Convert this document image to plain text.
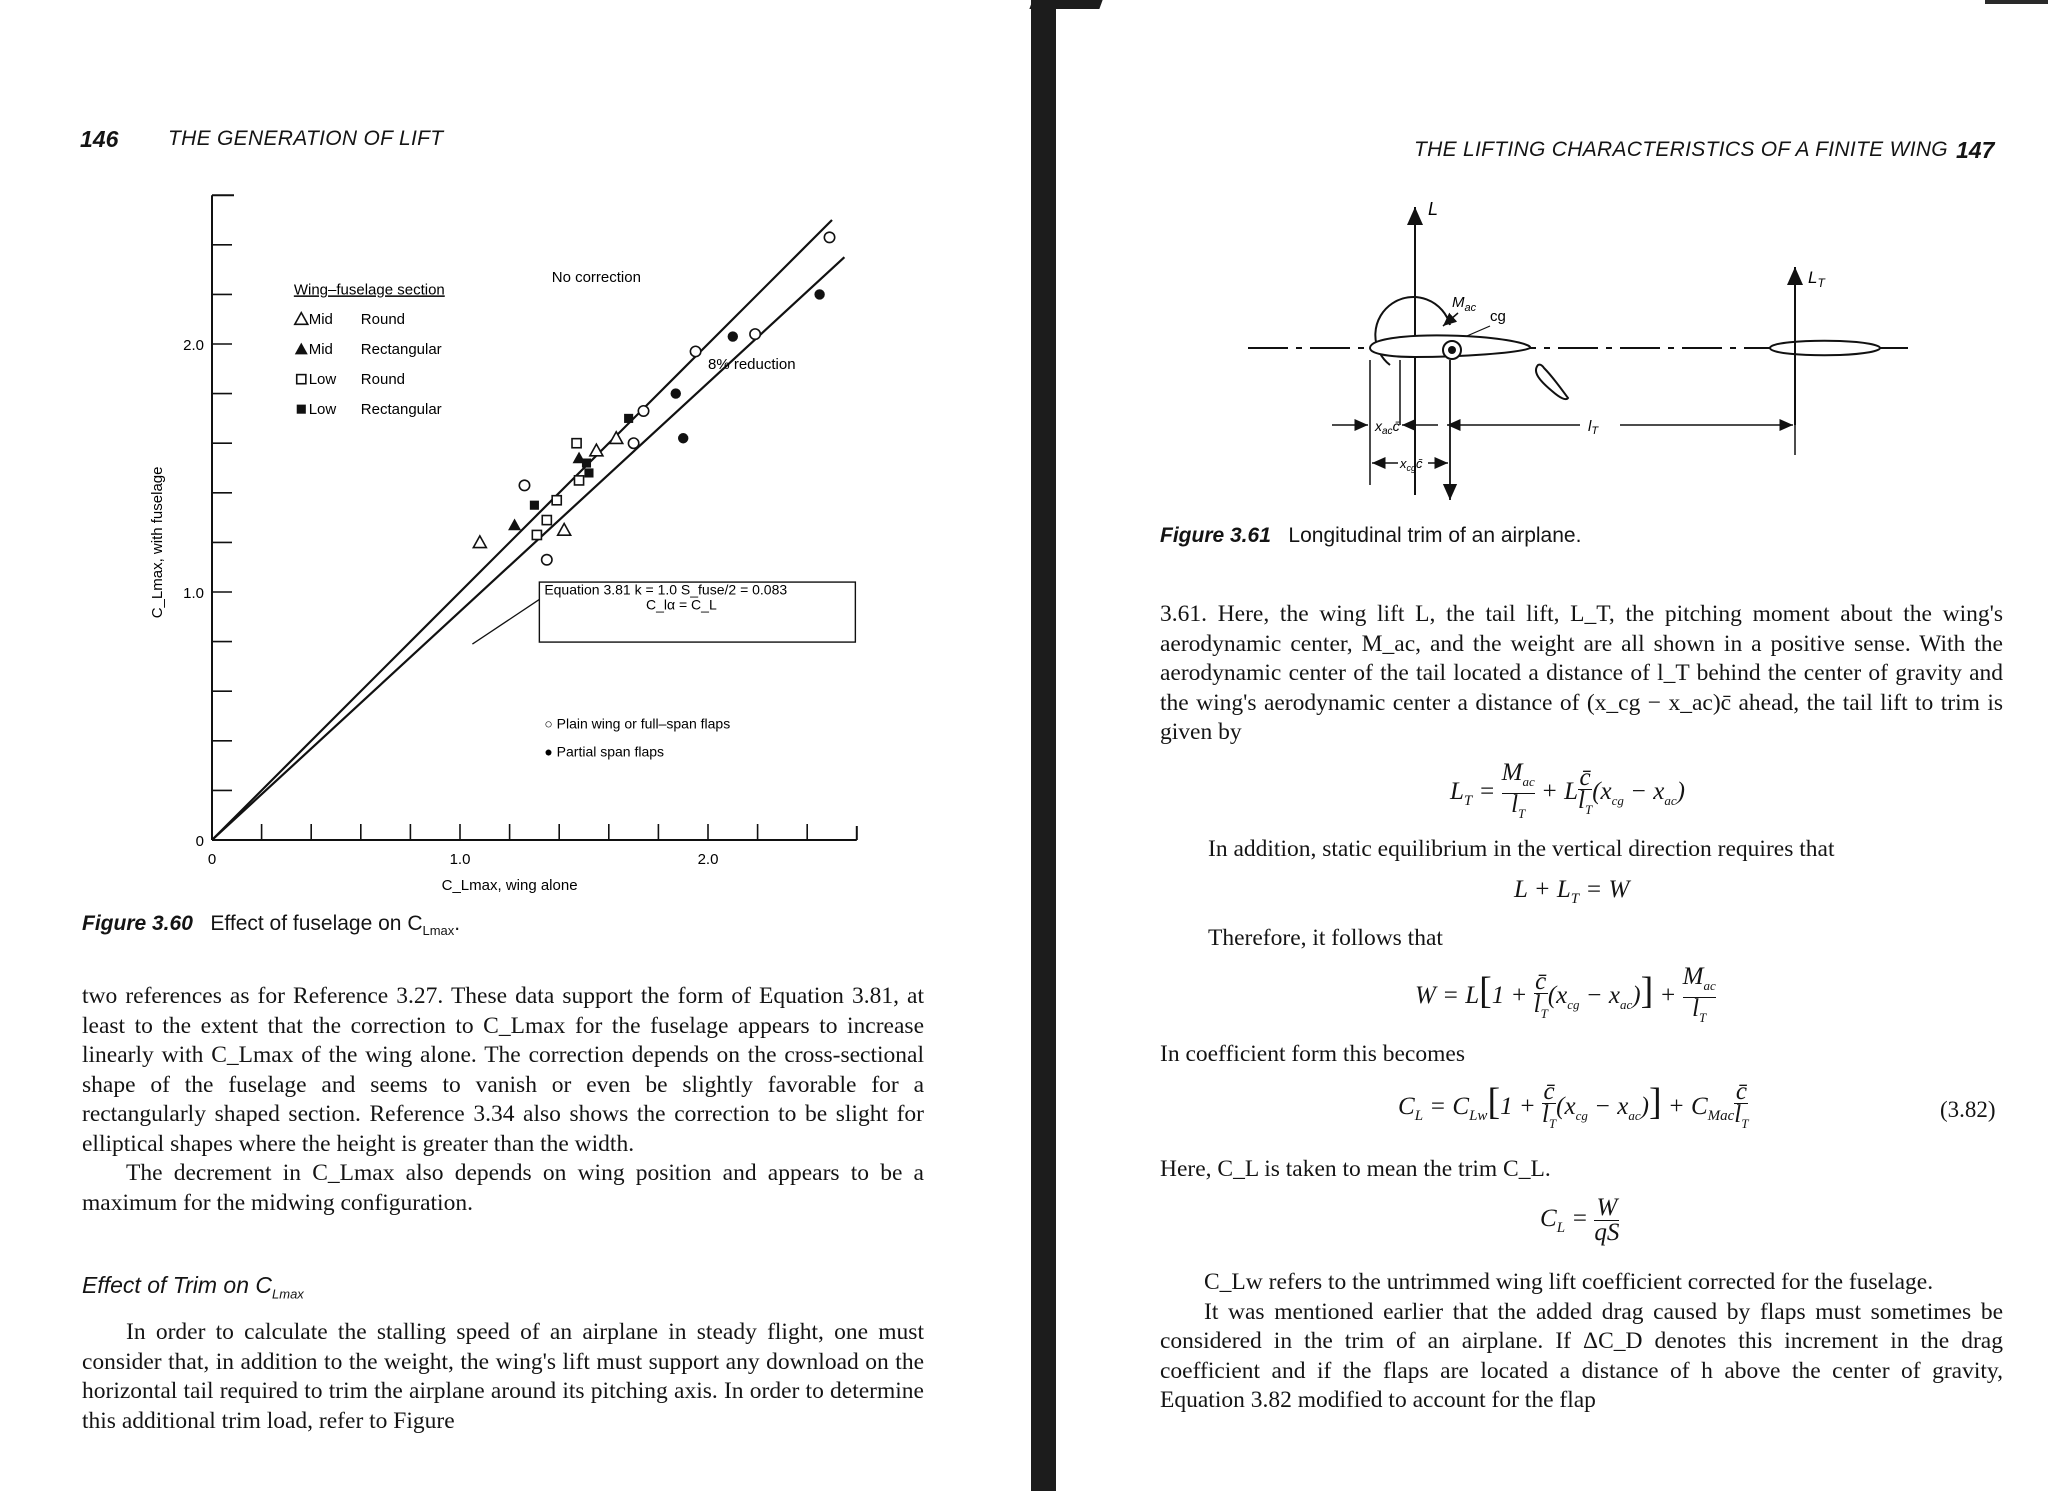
146 THE GENERATION OF LIFT
0
1.0
2.0
0	1.0	2.0
C_Lmax, wing alone
C_Lmax, with fuselage
No correction
8% reduction
Wing–fuselage section
Mid Round
Mid Rectangular
Low Round
Low Rectangular
Equation 3.81 k = 1.0 S_fuse/2 = 0.083
C_lα = C_L
○ Plain wing or full–span flaps
● Partial span flaps
Figure 3.60 Effect of fuselage on $C_{Lmax}$.

two references as for Reference 3.27. These data support the form of Equation 3.81, at least to the extent that the correction to C_Lmax for the fuselage appears to increase linearly with C_Lmax of the wing alone. The correction depends on the cross-sectional shape of the fuselage and seems to vanish or even be slightly favorable for a rectangularly shaped section. Reference 3.34 also shows the correction to be slight for elliptical shapes where the height is greater than the width.

The decrement in C_Lmax also depends on wing position and appears to be a maximum for the midwing configuration.

Effect of Trim on $C_{Lmax}$

In order to calculate the stalling speed of an airplane in steady flight, one must consider that, in addition to the weight, the wing's lift must support any download on the horizontal tail required to trim the airplane around its pitching axis. In order to determine this additional trim load, refer to Figure

THE LIFTING CHARACTERISTICS OF A FINITE WING 147
L
$M_{ac}$ cg
$L_T$
$x_{ac}c̄$	$l_T$
$x_{cg}c̄$
Figure 3.61 Longitudinal trim of an airplane.
3.61. Here, the wing lift L, the tail lift, L_T, the pitching moment about the wing's aerodynamic center, M_ac, and the weight are all shown in a positive sense. With the aerodynamic center of the tail located a distance of l_T behind the center of gravity and the wing's aerodynamic center a distance of (x_cg − x_ac)c̄ ahead, the tail lift to trim is given by
$L_T$ =
$M_{ac}$
$l_T$
+ L $\frac{c̄}{l_T} (x_{cg} - x_{ac})$
In addition, static equilibrium in the vertical direction requires that
$L + L_T = W$
Therefore, it follows that
$W = L[1 + \frac{c̄}{l_T} (x_{cg} - x_{ac})]$ +
$M_{ac}$
$l_T$
In coefficient form this becomes
$C_L = C_{Lw}[1 + \frac{c̄}{l_T} (x_{cg} - x_{ac})] + C_{Mac} \frac{c̄}{l_T}$	(3.82)
Here, C_L is taken to mean the trim C_L.
$C_L = \frac{W}{qS}$

C_Lw refers to the untrimmed wing lift coefficient corrected for the fuselage.

It was mentioned earlier that the added drag caused by flaps must sometimes be considered in the trim of an airplane. If ΔC_D denotes this increment in the drag coefficient and if the flaps are located a distance of h above the center of gravity, Equation 3.82 modified to account for the flap
